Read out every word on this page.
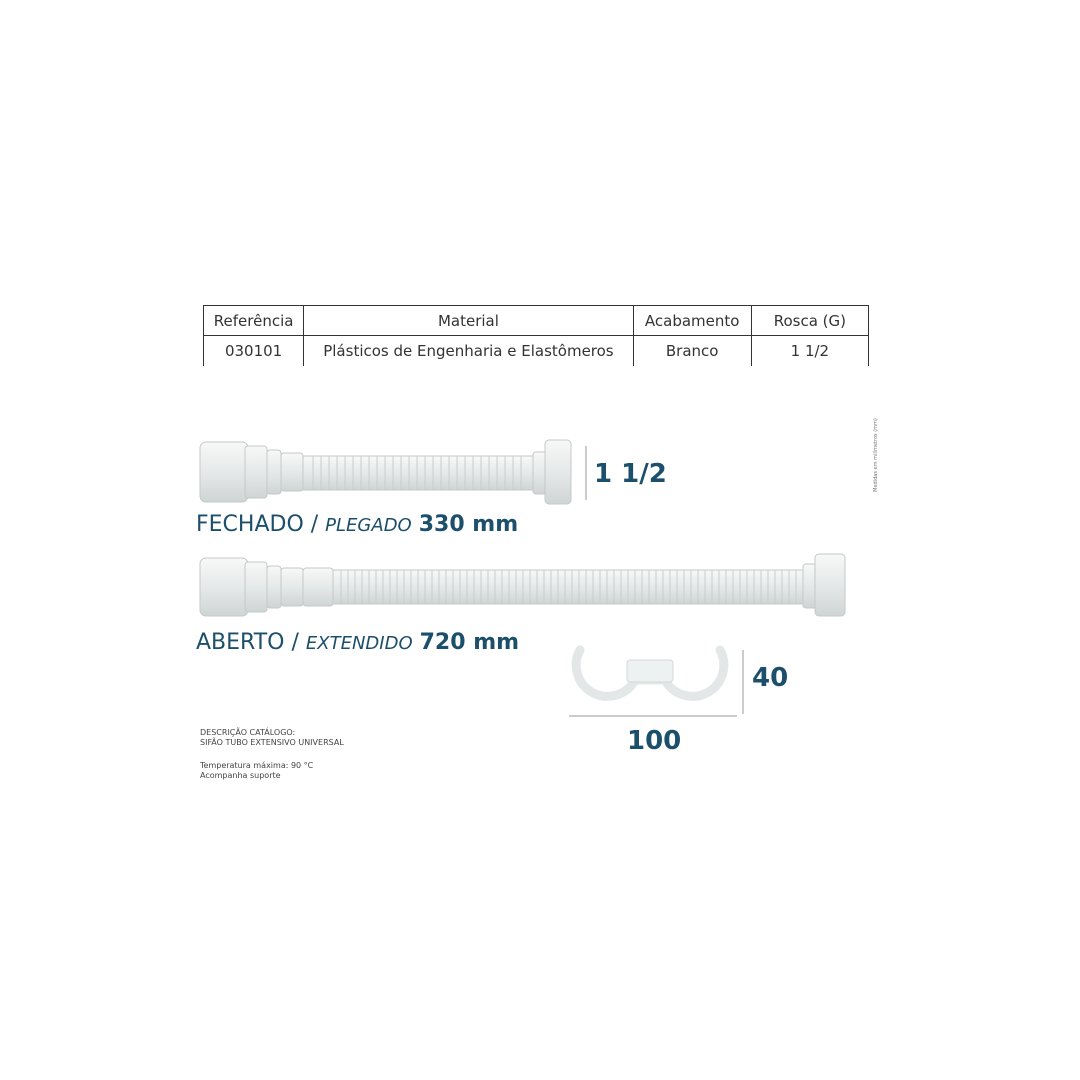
Referência	Material	Acabamento	Rosca (G)
030101	Plásticos de Engenharia e Elastômeros	Branco	1 1/2
FECHADO / PLEGADO 330 mm
1 1/2
ABERTO / EXTENDIDO 720 mm
40
100
DESCRIÇÃO CATÁLOGO:
SIFÃO TUBO EXTENSIVO UNIVERSAL
Temperatura máxima: 90 °C
Acompanha suporte
Medidas em milímetros (mm)
